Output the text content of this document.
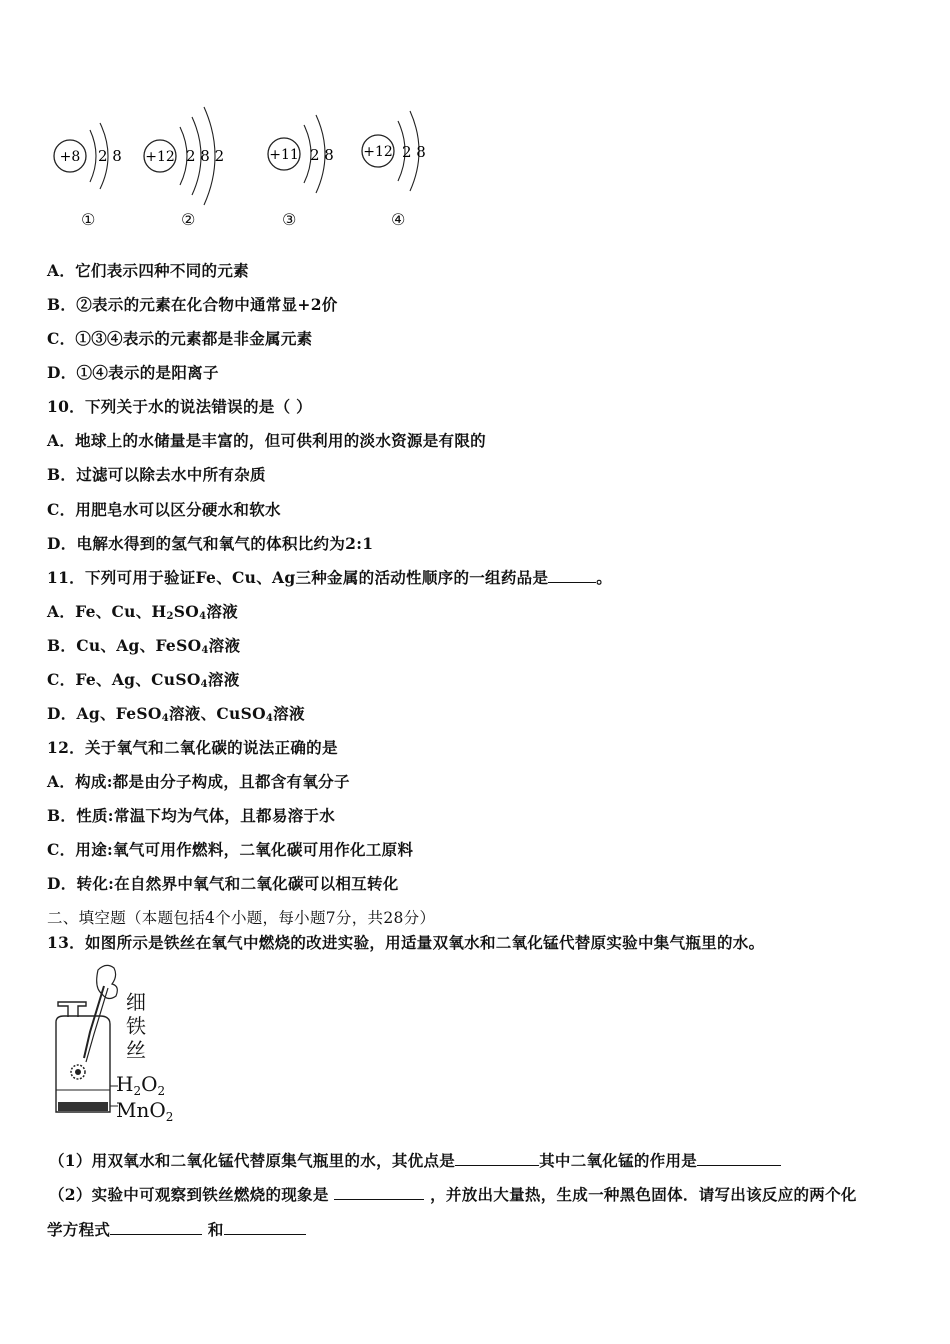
+8 2 8 +12 2 8 2	+11 2 8 +12 2 8
①	②	③	④
A．它们表示四种不同的元素
B．②表示的元素在化合物中通常显+2价
C．①③④表示的元素都是非金属元素
D．①④表示的是阳离子
10．下列关于水的说法错误的是（ ）
A．地球上的水储量是丰富的，但可供利用的淡水资源是有限的
B．过滤可以除去水中所有杂质
C．用肥皂水可以区分硬水和软水
D．电解水得到的氢气和氧气的体积比约为2:1
11．下列可用于验证Fe、Cu、Ag三种金属的活动性顺序的一组药品是	。
A．Fe、Cu、$H_2SO_4$溶液
B．Cu、Ag、FeSO$_4$溶液
C．Fe、Ag、CuSO$_4$溶液
D．Ag、FeSO$_4$溶液、CuSO$_4$溶液
12．关于氧气和二氧化碳的说法正确的是
A．构成:都是由分子构成，且都含有氧分子
B．性质:常温下均为气体，且都易溶于水
C．用途:氧气可用作燃料，二氧化碳可用作化工原料
D．转化:在自然界中氧气和二氧化碳可以相互转化
二、填空题（本题包括4个小题，每小题7分，共28分）
13．如图所示是铁丝在氧气中燃烧的改进实验，用适量双氧水和二氧化锰代替原实验中集气瓶里的水。
细
铁
丝
$H_2O_2$
MnO$_2$
（1）用双氧水和二氧化锰代替原集气瓶里的水，其优点是	其中二氧化锰的作用是
（2）实验中可观察到铁丝燃烧的现象是	，并放出大量热，生成一种黑色固体．请写出该反应的两个化
学方程式	和
